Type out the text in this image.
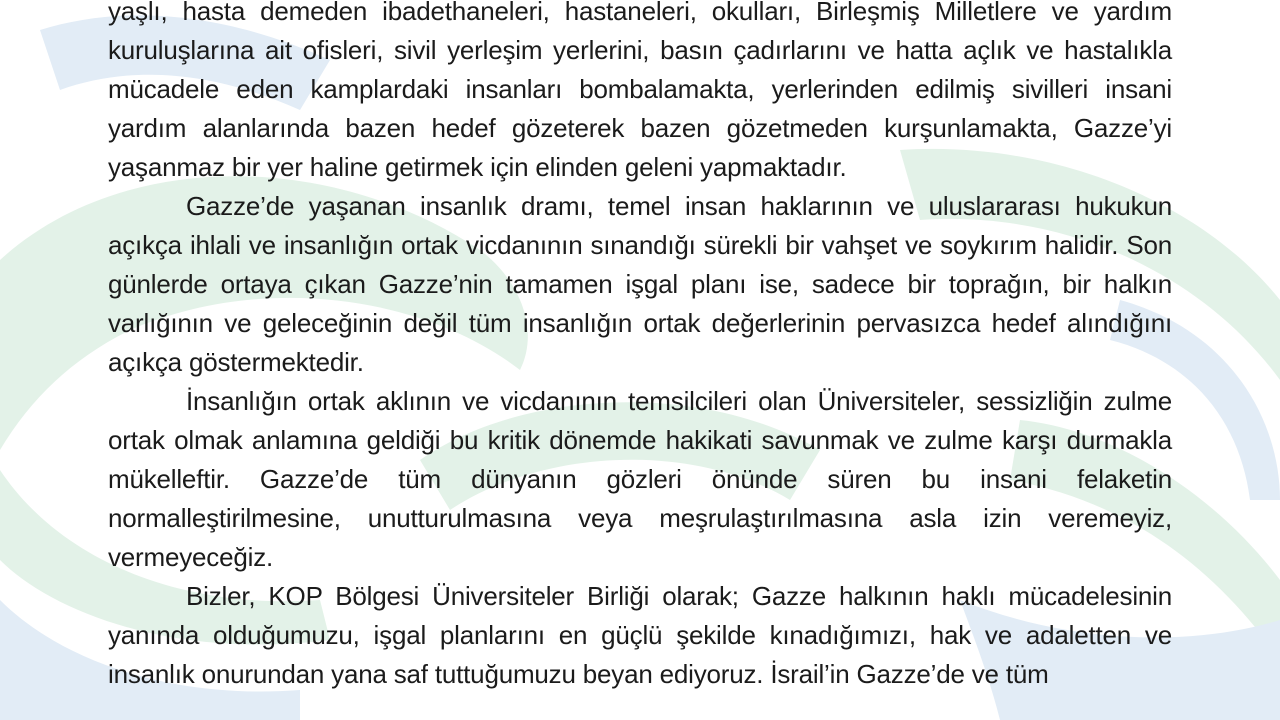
yaşlı, hasta demeden ibadethaneleri, hastaneleri, okulları, Birleşmiş Milletlere ve yardım kuruluşlarına ait ofisleri, sivil yerleşim yerlerini, basın çadırlarını ve hatta açlık ve hastalıkla mücadele eden kamplardaki insanları bombalamakta, yerlerinden edilmiş sivilleri insani yardım alanlarında bazen hedef gözeterek bazen gözetmeden kurşunlamakta, Gazze’yi yaşanmaz bir yer haline getirmek için elinden geleni yapmaktadır.

Gazze’de yaşanan insanlık dramı, temel insan haklarının ve uluslararası hukukun açıkça ihlali ve insanlığın ortak vicdanının sınandığı sürekli bir vahşet ve soykırım halidir. Son günlerde ortaya çıkan Gazze’nin tamamen işgal planı ise, sadece bir toprağın, bir halkın varlığının ve geleceğinin değil tüm insanlığın ortak değerlerinin pervasızca hedef alındığını açıkça göstermektedir.

İnsanlığın ortak aklının ve vicdanının temsilcileri olan Üniversiteler, sessizliğin zulme ortak olmak anlamına geldiği bu kritik dönemde hakikati savunmak ve zulme karşı durmakla mükelleftir. Gazze’de tüm dünyanın gözleri önünde süren bu insani felaketin normalleştirilmesine, unutturulmasına veya meşrulaştırılmasına asla izin veremeyiz, vermeyeceğiz.

Bizler, KOP Bölgesi Üniversiteler Birliği olarak; Gazze halkının haklı mücadelesinin yanında olduğumuzu, işgal planlarını en güçlü şekilde kınadığımızı, hak ve adaletten ve insanlık onurundan yana saf tuttuğumuzu beyan ediyoruz. İsrail’in Gazze’de ve tüm
